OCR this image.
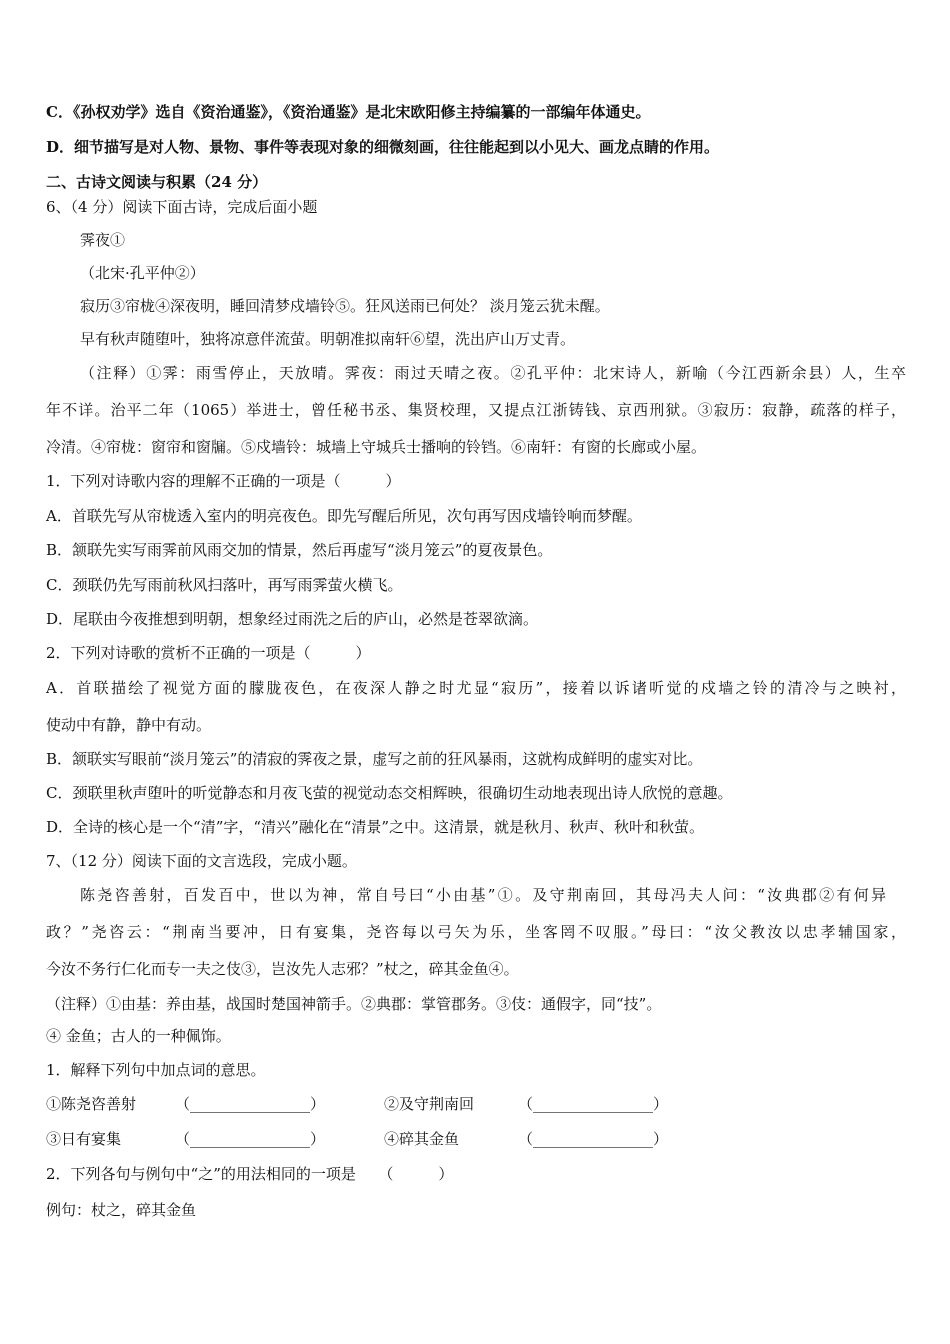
C．《孙权劝学》选自《资治通鉴》，《资治通鉴》是北宋欧阳修主持编纂的一部编年体通史。
D．细节描写是对人物、景物、事件等表现对象的细微刻画，往往能起到以小见大、画龙点睛的作用。
二、古诗文阅读与积累（24 分）
6、（4 分）阅读下面古诗，完成后面小题
霁夜①
（北宋·孔平仲②）
寂历③帘栊④深夜明，睡回清梦戍墙铃⑤。狂风送雨已何处？ 淡月笼云犹未醒。
早有秋声随堕叶，独将凉意伴流萤。明朝准拟南轩⑥望，洗出庐山万丈青。
（注释）①霁：雨雪停止，天放晴。霁夜：雨过天晴之夜。②孔平仲：北宋诗人，新喻（今江西新余县）人，生卒
年不详。治平二年（1065）举进士，曾任秘书丞、集贤校理，又提点江浙铸钱、京西刑狱。③寂历：寂静，疏落的样子，
冷清。④帘栊：窗帘和窗牖。⑤戍墙铃：城墙上守城兵士播响的铃铛。⑥南轩：有窗的长廊或小屋。
1．下列对诗歌内容的理解不正确的一项是（　　　）
A．首联先写从帘栊透入室内的明亮夜色。即先写醒后所见，次句再写因戍墙铃响而梦醒。
B．颔联先实写雨霁前风雨交加的情景，然后再虚写“淡月笼云”的夏夜景色。
C．颈联仍先写雨前秋风扫落叶，再写雨霁萤火横飞。
D．尾联由今夜推想到明朝，想象经过雨洗之后的庐山，必然是苍翠欲滴。
2．下列对诗歌的赏析不正确的一项是（　　　）
A．首联描绘了视觉方面的朦胧夜色，在夜深人静之时尤显“寂历”，接着以诉诸听觉的戍墙之铃的清冷与之映衬，
使动中有静，静中有动。
B．颔联实写眼前“淡月笼云”的清寂的霁夜之景，虚写之前的狂风暴雨，这就构成鲜明的虚实对比。
C．颈联里秋声堕叶的听觉静态和月夜飞萤的视觉动态交相辉映，很确切生动地表现出诗人欣悦的意趣。
D．全诗的核心是一个“清”字，“清兴”融化在“清景”之中。这清景，就是秋月、秋声、秋叶和秋萤。
7、（12 分）阅读下面的文言选段，完成小题。
陈尧咨善射，百发百中，世以为神，常自号曰“小由基”①。及守荆南回，其母冯夫人问：“汝典郡②有何异
政？”尧咨云：“荆南当要冲，日有宴集，尧咨每以弓矢为乐，坐客罔不叹服。”母曰：“汝父教汝以忠孝辅国家，
今汝不务行仁化而专一夫之伎③，岂汝先人志邪？”杖之，碎其金鱼④。
（注释）①由基：养由基，战国时楚国神箭手。②典郡：掌管郡务。③伎：通假字，同“技”。
④ 金鱼；古人的一种佩饰。
1．解释下列句中加点词的意思。
①陈尧咨善射	（________________）	②及守荆南回	（________________）
③日有宴集	（________________）	④碎其金鱼	（________________）
2．下列各句与例句中“之”的用法相同的一项是　　（　　　）
例句：杖之，碎其金鱼
